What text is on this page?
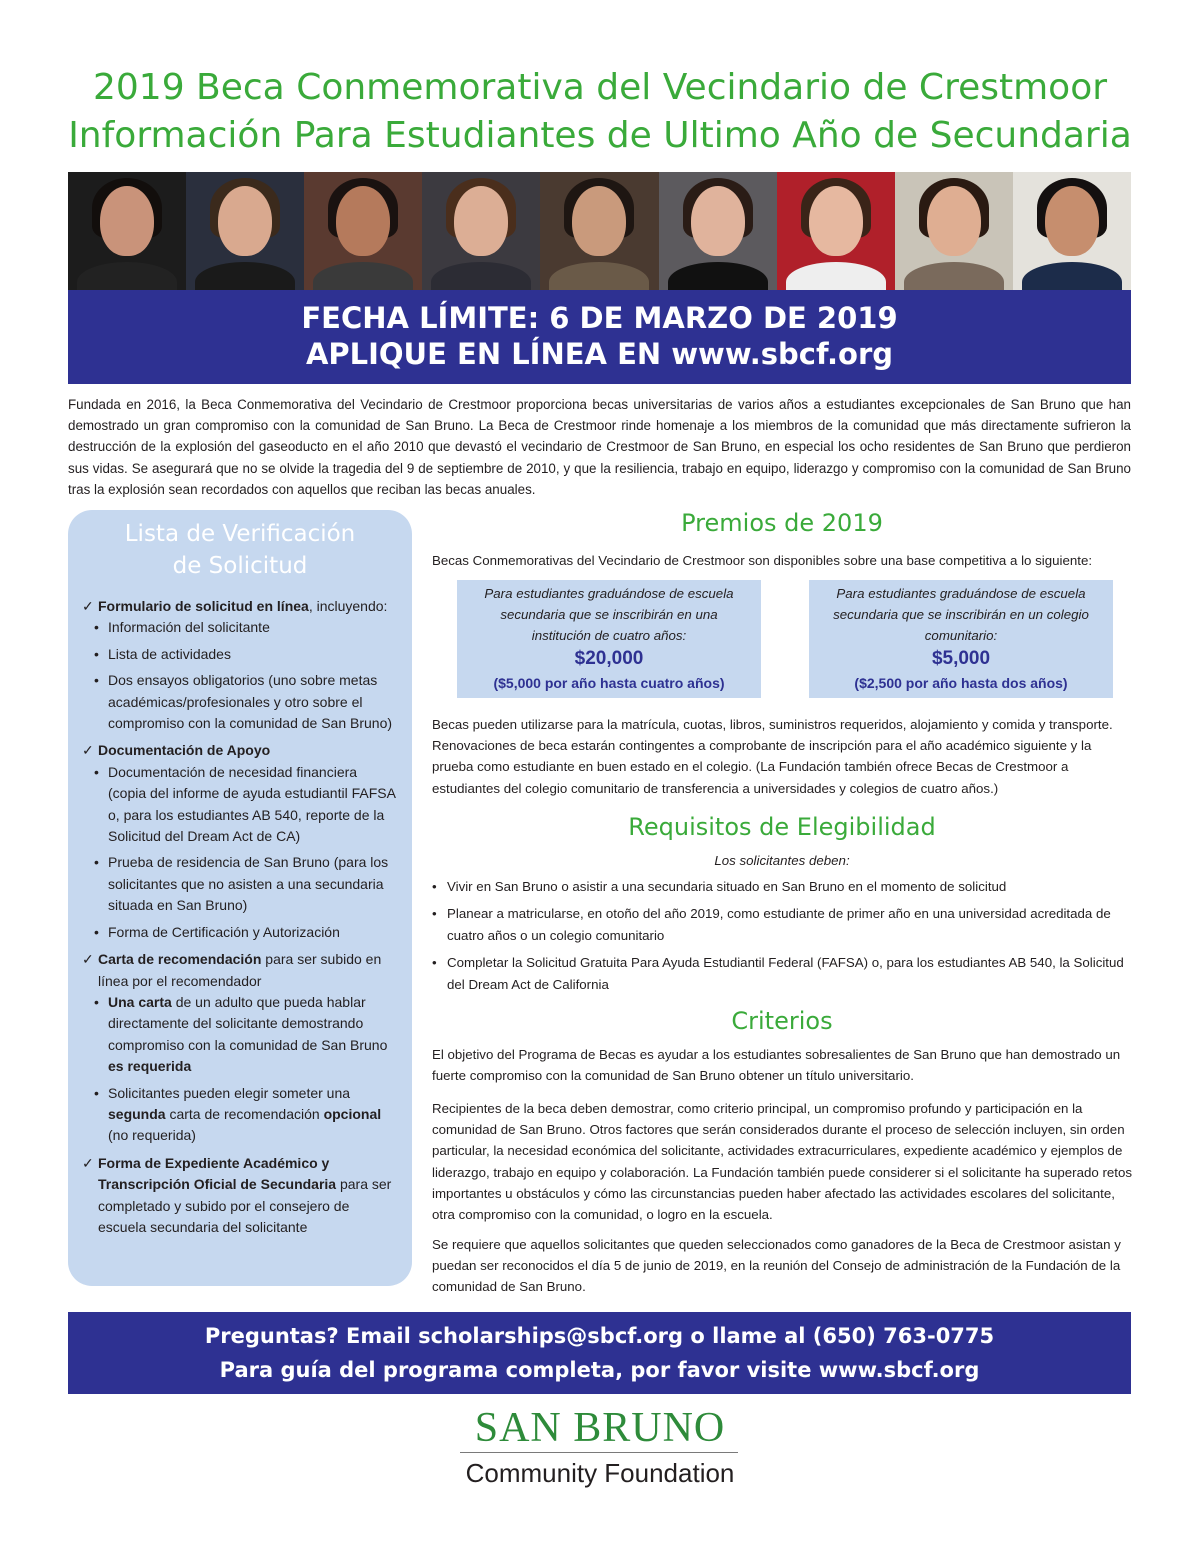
2019 Beca Conmemorativa del Vecindario de Crestmoor
Información Para Estudiantes de Ultimo Año de Secundaria
FECHA LÍMITE: 6 DE MARZO DE 2019
APLIQUE EN LÍNEA EN www.sbcf.org
Fundada en 2016, la Beca Conmemorativa del Vecindario de Crestmoor proporciona becas universitarias de varios años a estudiantes excepcionales de San Bruno que han demostrado un gran compromiso con la comunidad de San Bruno. La Beca de Crestmoor rinde homenaje a los miembros de la comunidad que más directamente sufrieron la destrucción de la explosión del gaseoducto en el año 2010 que devastó el vecindario de Crestmoor de San Bruno, en especial los ocho residentes de San Bruno que perdieron sus vidas. Se asegurará que no se olvide la tragedia del 9 de septiembre de 2010, y que la resiliencia, trabajo en equipo, liderazgo y compromiso con la comunidad de San Bruno tras la explosión sean recordados con aquellos que reciban las becas anuales.
Lista de Verificación
de Solicitud
✓ Formulario de solicitud en línea, incluyendo:
• Información del solicitante
• Lista de actividades
• Dos ensayos obligatorios (uno sobre metas académicas/profesionales y otro sobre el compromiso con la comunidad de San Bruno)
✓ Documentación de Apoyo
• Documentación de necesidad financiera (copia del informe de ayuda estudiantil FAFSA o, para los estudiantes AB 540, reporte de la Solicitud del Dream Act de CA)
• Prueba de residencia de San Bruno (para los solicitantes que no asisten a una secundaria situada en San Bruno)
• Forma de Certificación y Autorización
✓ Carta de recomendación para ser subido en línea por el recomendador
• Una carta de un adulto que pueda hablar directamente del solicitante demostrando compromiso con la comunidad de San Bruno es requerida
• Solicitantes pueden elegir someter una segunda carta de recomendación opcional (no requerida)
✓ Forma de Expediente Académico y Transcripción Oficial de Secundaria para ser completado y subido por el consejero de escuela secundaria del solicitante
Premios de 2019
Becas Conmemorativas del Vecindario de Crestmoor son disponibles sobre una base competitiva a lo siguiente:
Para estudiantes graduándose de escuela secundaria que se inscribirán en una institución de cuatro años:
$20,000
($5,000 por año hasta cuatro años)
Para estudiantes graduándose de escuela secundaria que se inscribirán en un colegio comunitario:
$5,000
($2,500 por año hasta dos años)
Becas pueden utilizarse para la matrícula, cuotas, libros, suministros requeridos, alojamiento y comida y transporte. Renovaciones de beca estarán contingentes a comprobante de inscripción para el año académico siguiente y la prueba como estudiante en buen estado en el colegio. (La Fundación también ofrece Becas de Crestmoor a estudiantes del colegio comunitario de transferencia a universidades y colegios de cuatro años.)
Requisitos de Elegibilidad
Los solicitantes deben:
• Vivir en San Bruno o asistir a una secundaria situado en San Bruno en el momento de solicitud
• Planear a matricularse, en otoño del año 2019, como estudiante de primer año en una universidad acreditada de cuatro años o un colegio comunitario
• Completar la Solicitud Gratuita Para Ayuda Estudiantil Federal (FAFSA) o, para los estudiantes AB 540, la Solicitud del Dream Act de California
Criterios
El objetivo del Programa de Becas es ayudar a los estudiantes sobresalientes de San Bruno que han demostrado un fuerte compromiso con la comunidad de San Bruno obtener un título universitario.
Recipientes de la beca deben demostrar, como criterio principal, un compromiso profundo y participación en la comunidad de San Bruno. Otros factores que serán considerados durante el proceso de selección incluyen, sin orden particular, la necesidad económica del solicitante, actividades extracurriculares, expediente académico y ejemplos de liderazgo, trabajo en equipo y colaboración. La Fundación también puede considerer si el solicitante ha superado retos importantes u obstáculos y cómo las circunstancias pueden haber afectado las actividades escolares del solicitante, otra compromiso con la comunidad, o logro en la escuela.
Se requiere que aquellos solicitantes que queden seleccionados como ganadores de la Beca de Crestmoor asistan y puedan ser reconocidos el día 5 de junio de 2019, en la reunión del Consejo de administración de la Fundación de la comunidad de San Bruno.
Preguntas? Email scholarships@sbcf.org o llame al (650) 763-0775
Para guía del programa completa, por favor visite www.sbcf.org
SAN BRUNO
Community Foundation
